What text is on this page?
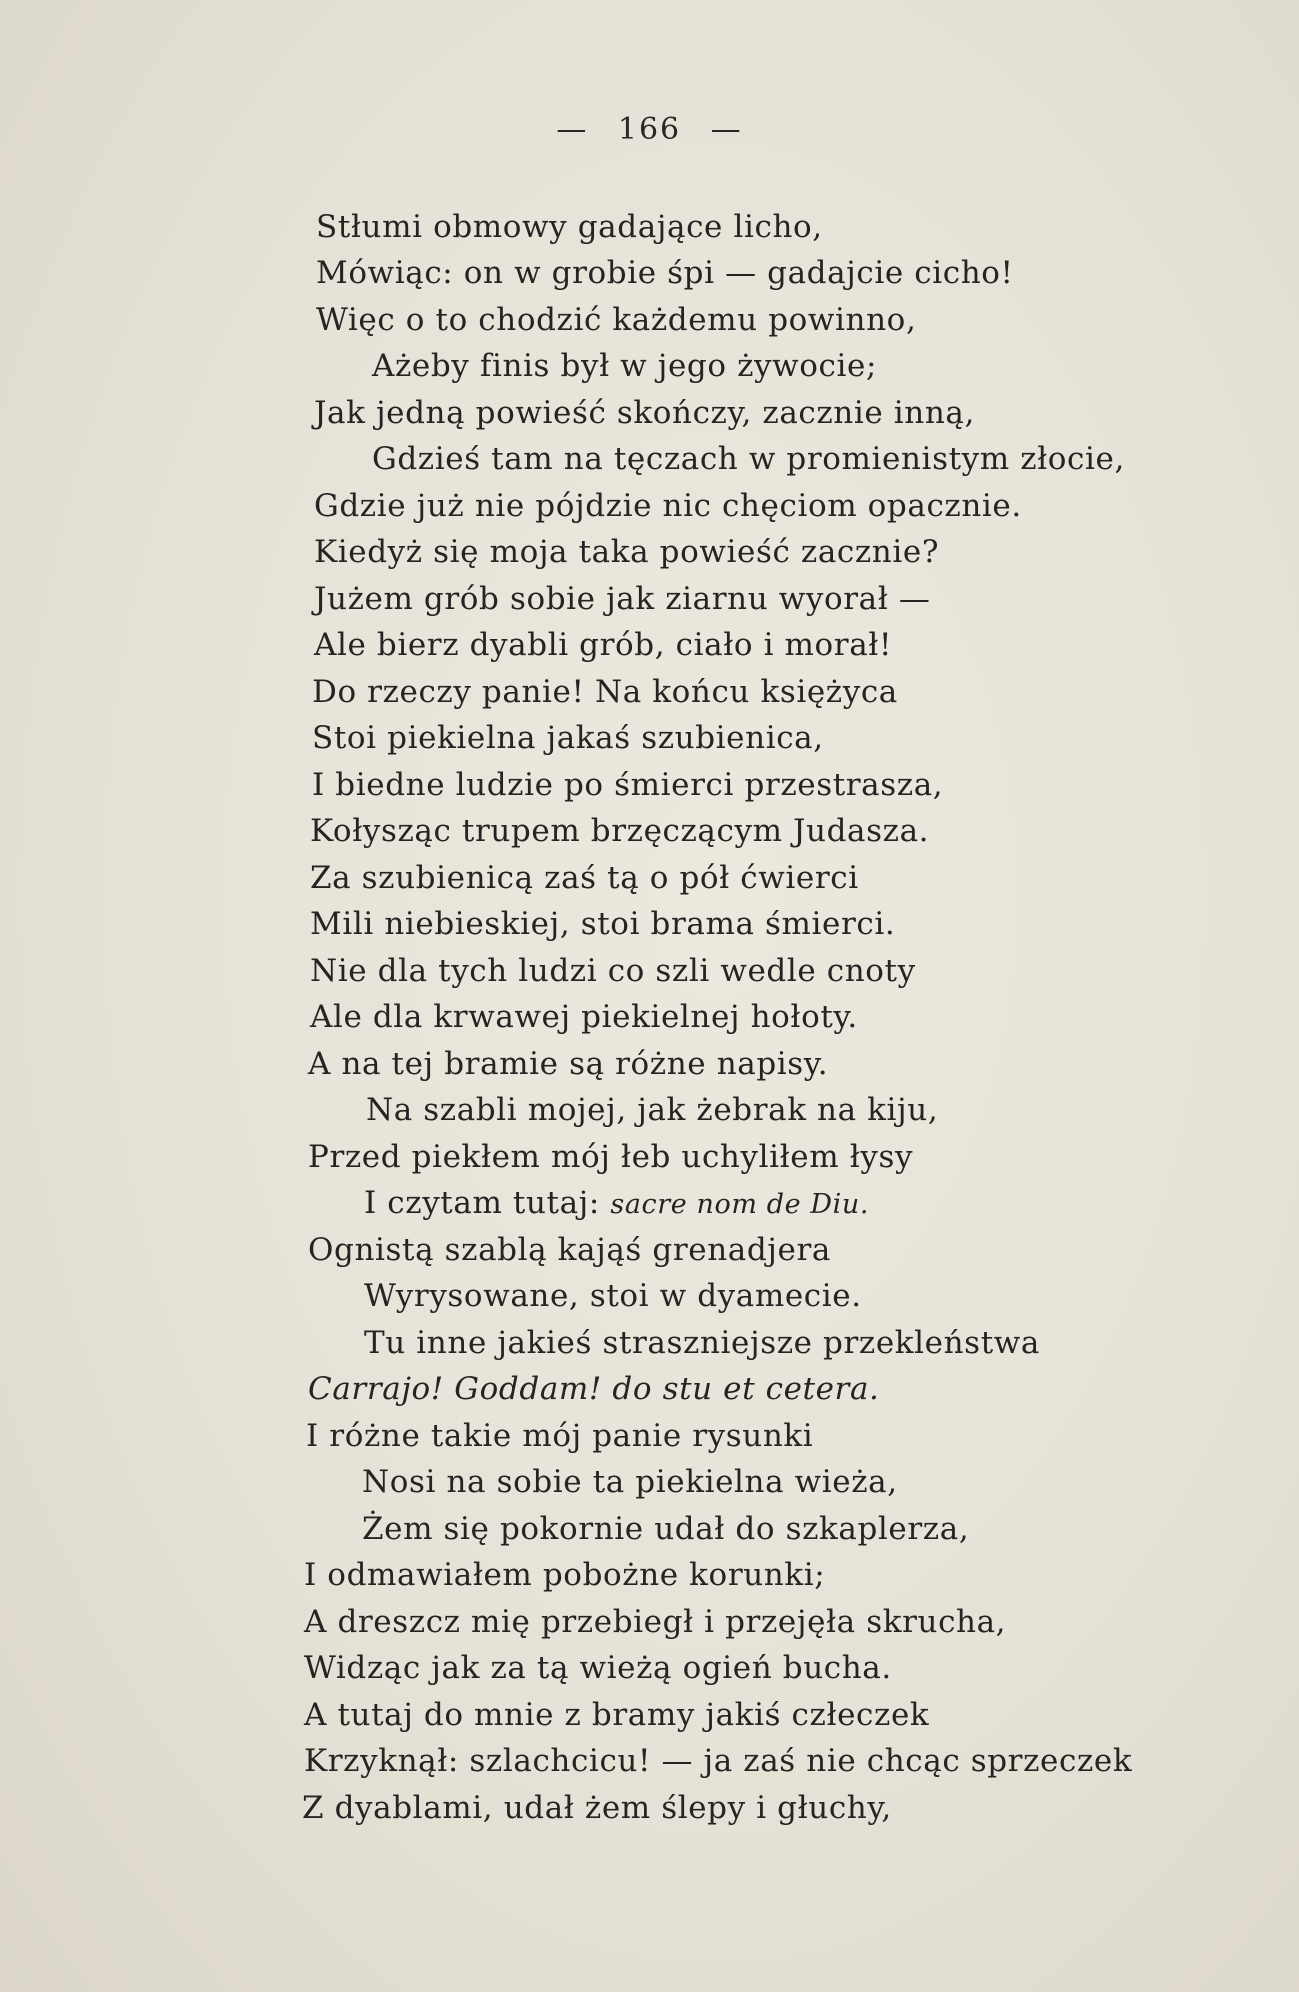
— 166 —
Stłumi obmowy gadające licho,
Mówiąc: on w grobie śpi — gadajcie cicho!
Więc o to chodzić każdemu powinno,
Ażeby finis był w jego żywocie;
Jak jedną powieść skończy, zacznie inną,
Gdzieś tam na tęczach w promienistym złocie,
Gdzie już nie pójdzie nic chęciom opacznie.
Kiedyż się moja taka powieść zacznie?
Jużem grób sobie jak ziarnu wyorał —
Ale bierz dyabli grób, ciało i morał!
Do rzeczy panie! Na końcu księżyca
Stoi piekielna jakaś szubienica,
I biedne ludzie po śmierci przestrasza,
Kołysząc trupem brzęczącym Judasza.
Za szubienicą zaś tą o pół ćwierci
Mili niebieskiej, stoi brama śmierci.
Nie dla tych ludzi co szli wedle cnoty
Ale dla krwawej piekielnej hołoty.
A na tej bramie są różne napisy.
Na szabli mojej, jak żebrak na kiju,
Przed piekłem mój łeb uchyliłem łysy
I czytam tutaj: sacre nom de Diu.
Ognistą szablą kająś grenadjera
Wyrysowane, stoi w dyamecie.
Tu inne jakieś straszniejsze przekleństwa
Carrajo! Goddam! do stu et cetera.
I różne takie mój panie rysunki
Nosi na sobie ta piekielna wieża,
Żem się pokornie udał do szkaplerza,
I odmawiałem pobożne korunki;
A dreszcz mię przebiegł i przejęła skrucha,
Widząc jak za tą wieżą ogień bucha.
A tutaj do mnie z bramy jakiś człeczek
Krzyknął: szlachcicu! — ja zaś nie chcąc sprzeczek
Z dyablami, udał żem ślepy i głuchy,
